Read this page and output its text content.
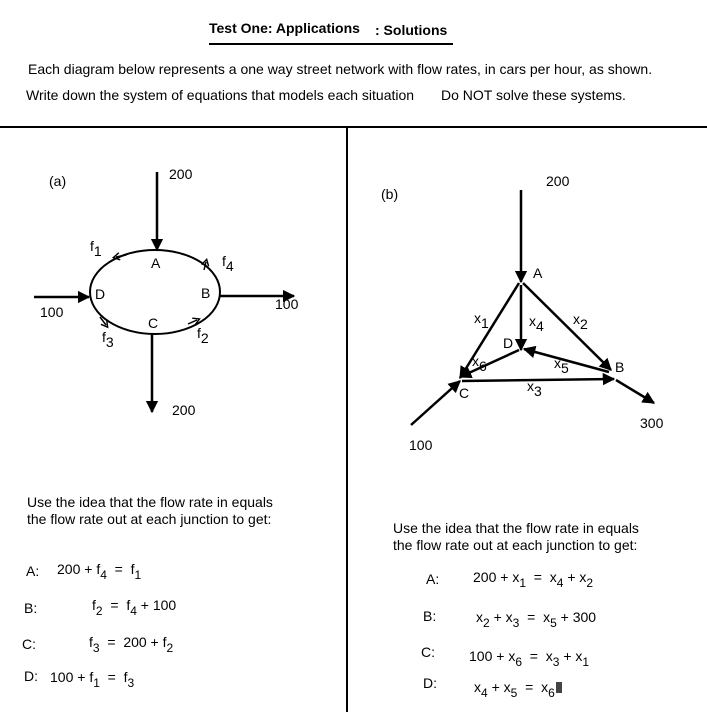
Test One: Applications : Solutions
Each diagram below represents a one way street network with flow rates, in cars per hour, as shown.
Write down the system of equations that models each situation Do NOT solve these systems.
(a)	200
100	100
200
A
B
C
D
f1
f4
f3
f2
(b)
200
100
300
A
B
C
D
x1	x4 x2
x6	x5
x3
Use the idea that the flow rate in equals
the flow rate out at each junction to get:
A: $200 + f_4 = f_1$
B:	$f_2 = f_4 + 100$
C:	$f_3 = 200 + f_2$
D: $100 + f_1 = f_3$
Use the idea that the flow rate in equals
the flow rate out at each junction to get:
A: $200 + x_1 = x_4 + x_2$
B:	$x_2 + x_3 = x_5 + 300$
C: $100 + x_6 = x_3 + x_1$
D:	$x_4 + x_5 = x_6$
